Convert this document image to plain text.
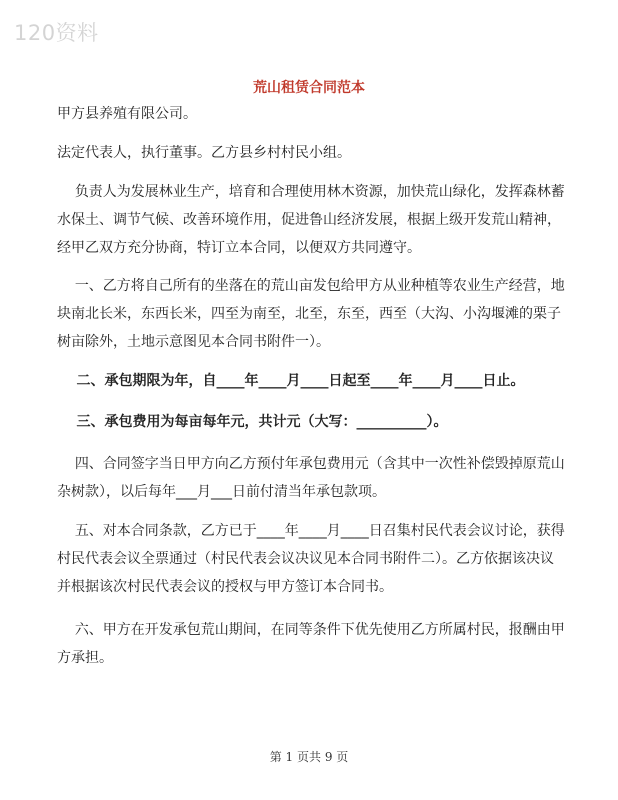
120资料
荒山租赁合同范本
甲方县养殖有限公司。
法定代表人，执行董事。乙方县乡村村民小组。
负责人为发展林业生产，培育和合理使用林木资源，加快荒山绿化，发挥森林蓄水保土、调节气候、改善环境作用，促进鲁山经济发展，根据上级开发荒山精神，经甲乙双方充分协商，特订立本合同，以便双方共同遵守。
一、乙方将自己所有的坐落在的荒山亩发包给甲方从业种植等农业生产经营，地块南北长米，东西长米，四至为南至，北至，东至，西至（大沟、小沟堰滩的栗子树亩除外，土地示意图见本合同书附件一）。
二、承包期限为年，自____年____月____日起至____年____月____日止。
三、承包费用为每亩每年元，共计元（大写：__________）。
四、合同签字当日甲方向乙方预付年承包费用元（含其中一次性补偿毁掉原荒山杂树款），以后每年___月___日前付清当年承包款项。
五、对本合同条款，乙方已于____年____月____日召集村民代表会议讨论，获得村民代表会议全票通过（村民代表会议决议见本合同书附件二）。乙方依据该决议并根据该次村民代表会议的授权与甲方签订本合同书。
六、甲方在开发承包荒山期间，在同等条件下优先使用乙方所属村民，报酬由甲方承担。
第 1 页共 9 页
